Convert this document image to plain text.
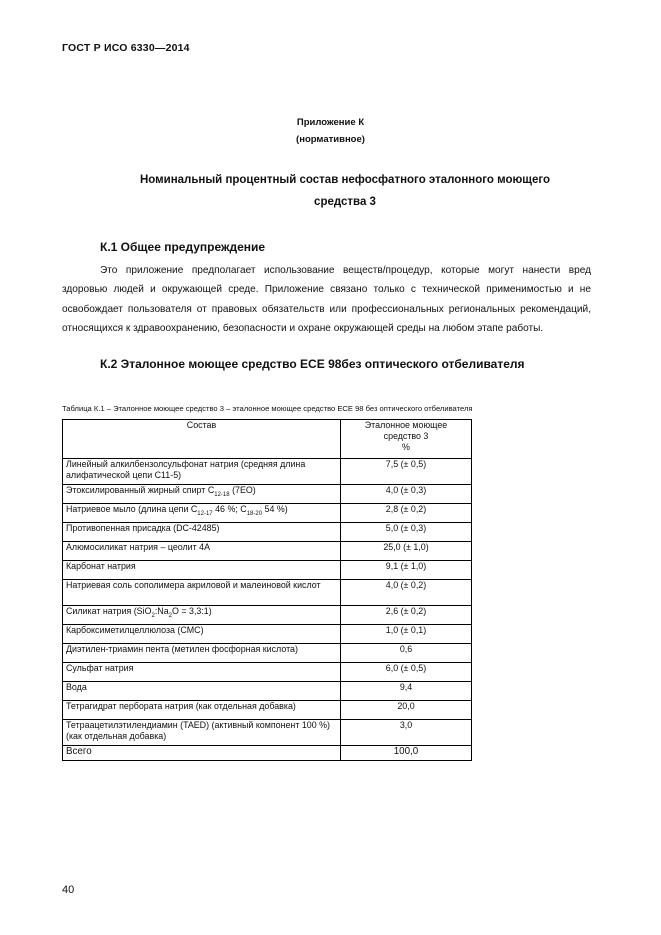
ГОСТ Р ИСО 6330—2014
Приложение К
(нормативное)
Номинальный процентный состав нефосфатного эталонного моющего
средства 3
К.1 Общее предупреждение
Это приложение предполагает использование веществ/процедур, которые могут нанести вред здоровью людей и окружающей среде. Приложение связано только с технической применимостью и не освобождает пользователя от правовых обязательств или профессиональных региональных рекомендаций, относящихся к здравоохранению, безопасности и охране окружающей среды на любом этапе работы.
К.2 Эталонное моющее средство ЕСЕ 98без оптического отбеливателя
Таблица К.1 – Эталонное моющее средство 3 – эталонное моющее средство ЕСЕ 98 без оптического отбеливателя
Состав	Эталонное моющее
средство 3
%

Линейный алкилбензолсульфонат натрия (средняя длина алифатической цепи С11-5)	7,5 (± 0,5)
Этоксилированный жирный спирт $С_{12-18}$ (7ЕО)	4,0 (± 0,3)
Натриевое мыло (длина цепи $С_{12-17}$ 46 %; $С_{18-20}$ 54 %)	2,8 (± 0,2)
Противопенная присадка (DC-42485)	5,0 (± 0,3)
Алюмосиликат натрия – цеолит 4А	25,0 (± 1,0)
Карбонат натрия	9,1 (± 1,0)
Натриевая соль сополимера акриловой и малеиновой кислот	4,0 (± 0,2)
Силикат натрия ($SiO_2:Na_2O$ = 3,3:1)	2,6 (± 0,2)
Карбоксиметилцеллюлоза (CMC)	1,0 (± 0,1)
Диэтилен-триамин пента (метилен фосфорная кислота)	0,6
Сульфат натрия	6,0 (± 0,5)
Вода	9,4
Тетрагидрат пербората натрия (как отдельная добавка)	20,0
Тетраацетилэтилендиамин (TAED) (активный компонент 100 %) (как отдельная добавка)	3,0
Всего	100,0
40
